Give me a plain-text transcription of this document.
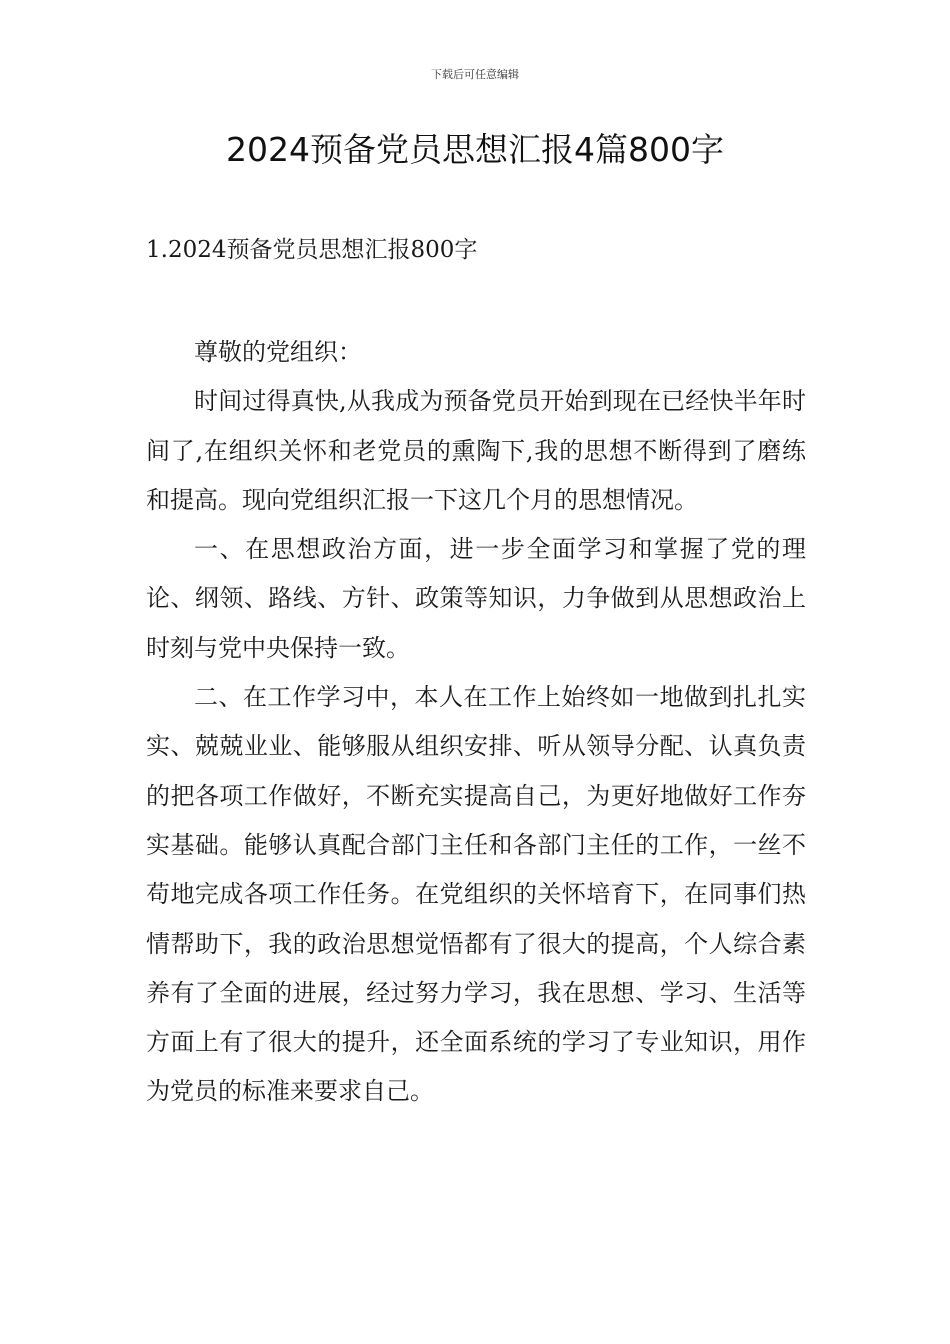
下载后可任意编辑
2024预备党员思想汇报4篇800字
1.2024预备党员思想汇报800字

尊敬的党组织：

时间过得真快,从我成为预备党员开始到现在已经快半年时间了,在组织关怀和老党员的熏陶下,我的思想不断得到了磨练和提高。现向党组织汇报一下这几个月的思想情况。

一、在思想政治方面，进一步全面学习和掌握了党的理论、纲领、路线、方针、政策等知识，力争做到从思想政治上时刻与党中央保持一致。

二、在工作学习中，本人在工作上始终如一地做到扎扎实实、兢兢业业、能够服从组织安排、听从领导分配、认真负责的把各项工作做好，不断充实提高自己，为更好地做好工作夯实基础。能够认真配合部门主任和各部门主任的工作，一丝不苟地完成各项工作任务。在党组织的关怀培育下，在同事们热情帮助下，我的政治思想觉悟都有了很大的提高，个人综合素养有了全面的进展，经过努力学习，我在思想、学习、生活等方面上有了很大的提升，还全面系统的学习了专业知识，用作为党员的标准来要求自己。
